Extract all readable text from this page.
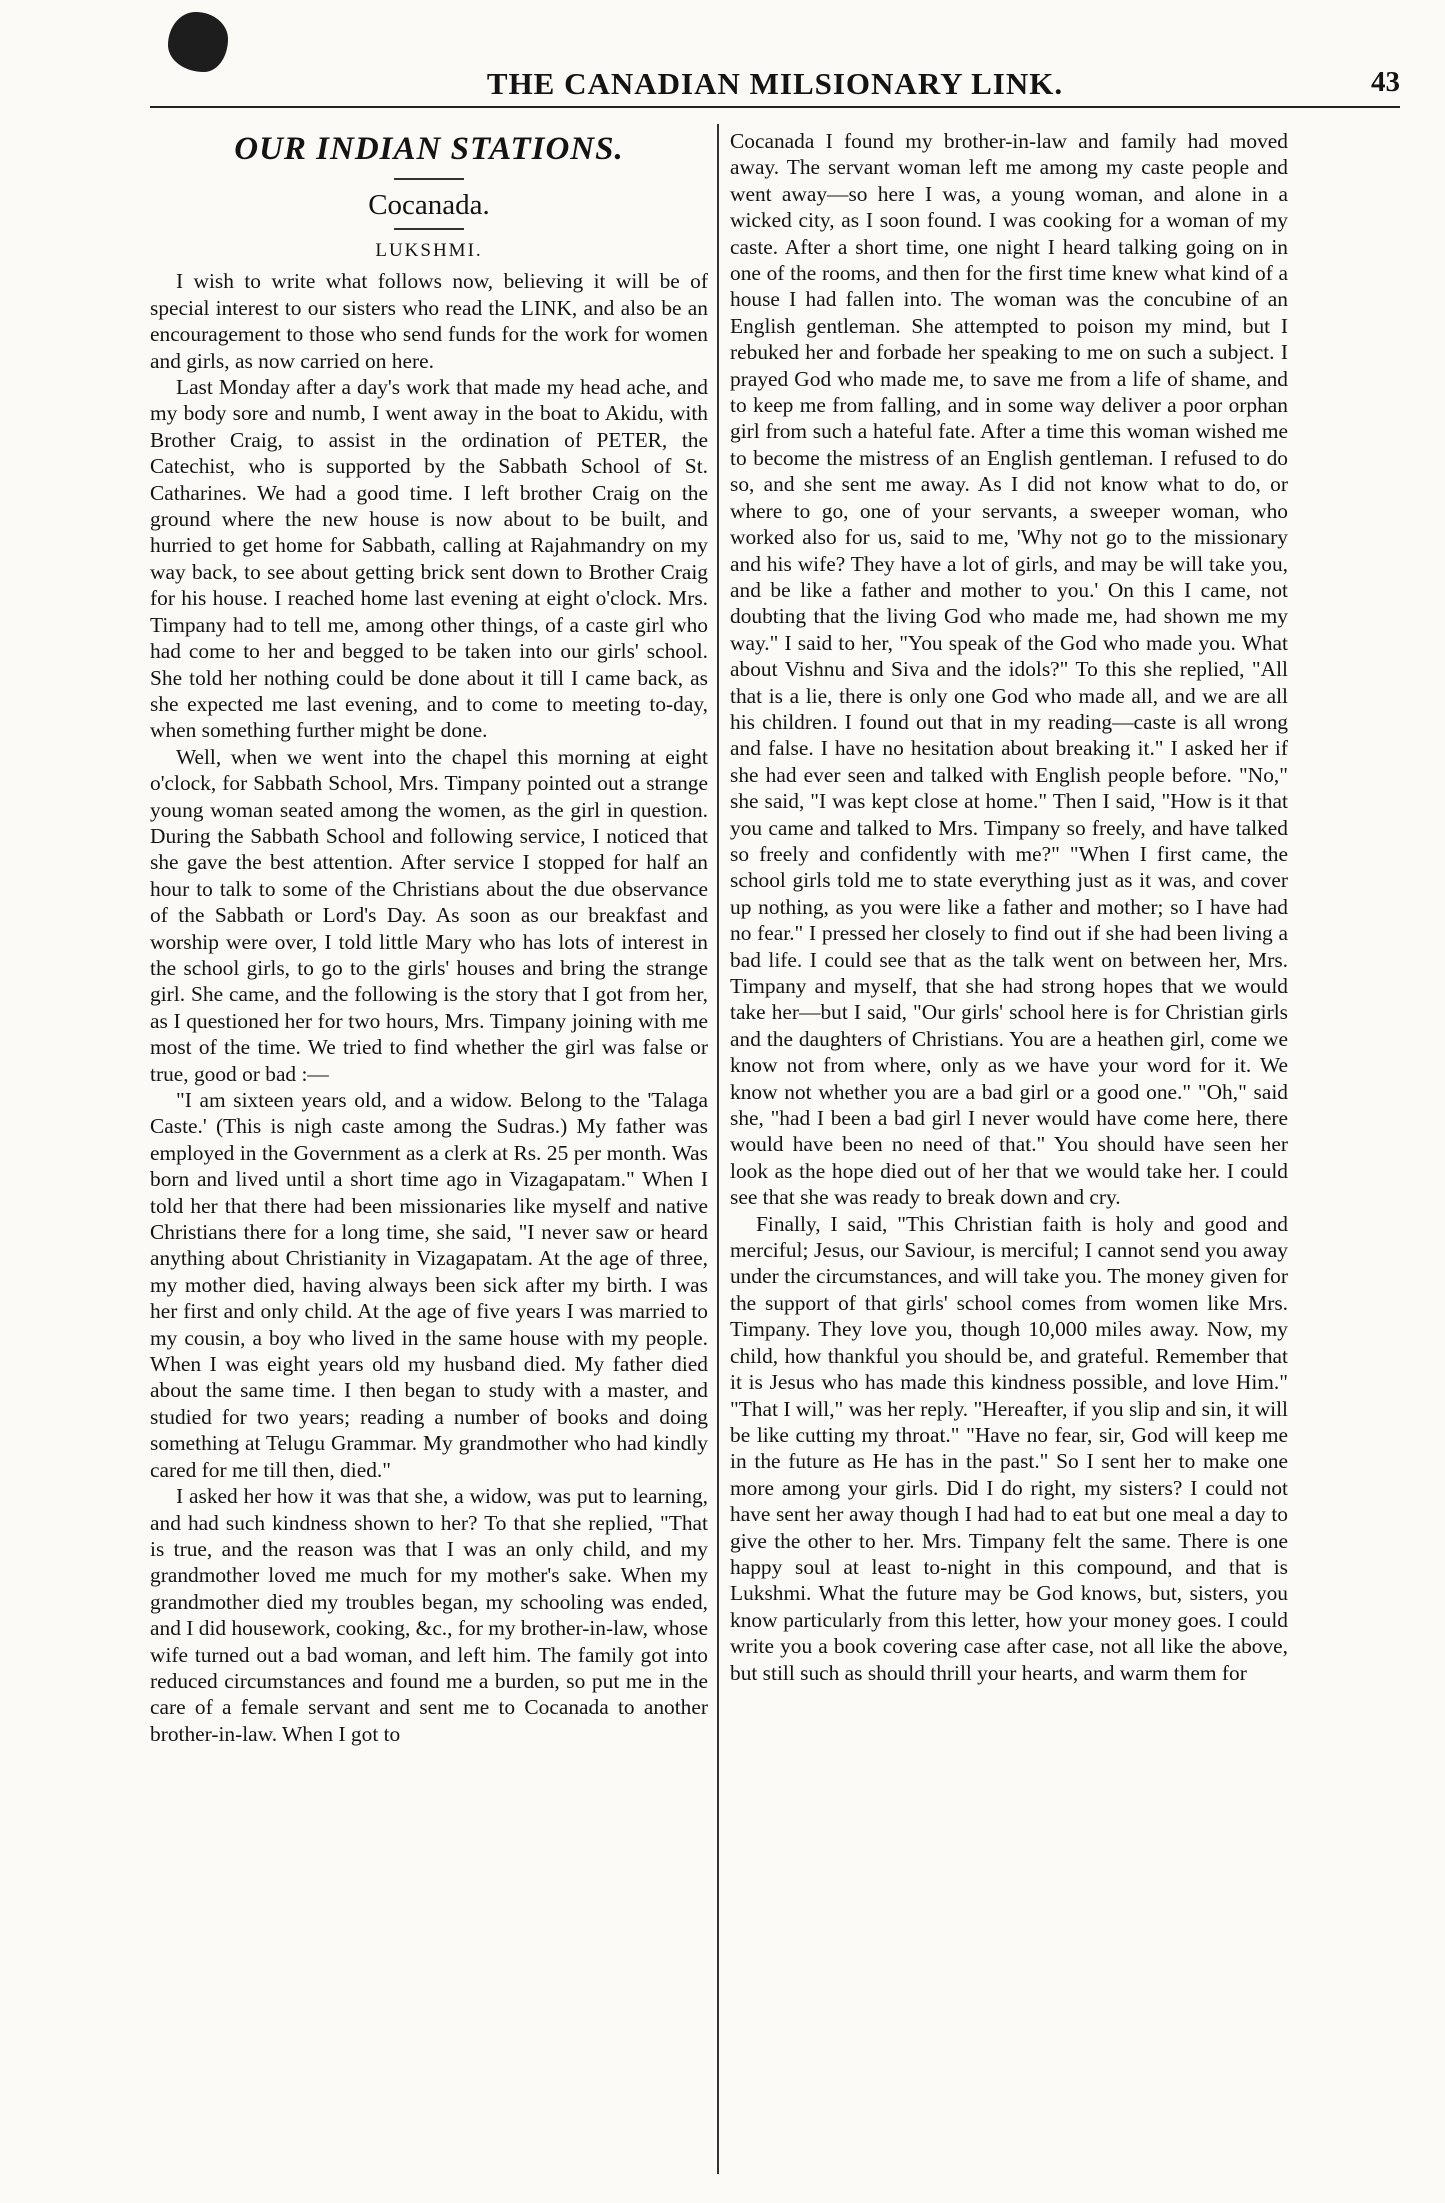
THE CANADIAN MILSIONARY LINK.	43
OUR INDIAN STATIONS.
Cocanada.
LUKSHMI.

I wish to write what follows now, believing it will be of special interest to our sisters who read the LINK, and also be an encouragement to those who send funds for the work for women and girls, as now carried on here.

Last Monday after a day's work that made my head ache, and my body sore and numb, I went away in the boat to Akidu, with Brother Craig, to assist in the ordination of PETER, the Catechist, who is supported by the Sabbath School of St. Catharines. We had a good time. I left brother Craig on the ground where the new house is now about to be built, and hurried to get home for Sabbath, calling at Rajahmandry on my way back, to see about getting brick sent down to Brother Craig for his house. I reached home last evening at eight o'clock. Mrs. Timpany had to tell me, among other things, of a caste girl who had come to her and begged to be taken into our girls' school. She told her nothing could be done about it till I came back, as she expected me last evening, and to come to meeting to-day, when something further might be done.

Well, when we went into the chapel this morning at eight o'clock, for Sabbath School, Mrs. Timpany pointed out a strange young woman seated among the women, as the girl in question. During the Sabbath School and following service, I noticed that she gave the best attention. After service I stopped for half an hour to talk to some of the Christians about the due observance of the Sabbath or Lord's Day. As soon as our breakfast and worship were over, I told little Mary who has lots of interest in the school girls, to go to the girls' houses and bring the strange girl. She came, and the following is the story that I got from her, as I questioned her for two hours, Mrs. Timpany joining with me most of the time. We tried to find whether the girl was false or true, good or bad :—

"I am sixteen years old, and a widow. Belong to the 'Talaga Caste.' (This is nigh caste among the Sudras.) My father was employed in the Government as a clerk at Rs. 25 per month. Was born and lived until a short time ago in Vizagapatam." When I told her that there had been missionaries like myself and native Christians there for a long time, she said, "I never saw or heard anything about Christianity in Vizagapatam. At the age of three, my mother died, having always been sick after my birth. I was her first and only child. At the age of five years I was married to my cousin, a boy who lived in the same house with my people. When I was eight years old my husband died. My father died about the same time. I then began to study with a master, and studied for two years; reading a number of books and doing something at Telugu Grammar. My grandmother who had kindly cared for me till then, died."

I asked her how it was that she, a widow, was put to learning, and had such kindness shown to her? To that she replied, "That is true, and the reason was that I was an only child, and my grandmother loved me much for my mother's sake. When my grandmother died my troubles began, my schooling was ended, and I did housework, cooking, &c., for my brother-in-law, whose wife turned out a bad woman, and left him. The family got into reduced circumstances and found me a burden, so put me in the care of a female servant and sent me to Cocanada to another brother-in-law. When I got to

Cocanada I found my brother-in-law and family had moved away. The servant woman left me among my caste people and went away—so here I was, a young woman, and alone in a wicked city, as I soon found. I was cooking for a woman of my caste. After a short time, one night I heard talking going on in one of the rooms, and then for the first time knew what kind of a house I had fallen into. The woman was the concubine of an English gentleman. She attempted to poison my mind, but I rebuked her and forbade her speaking to me on such a subject. I prayed God who made me, to save me from a life of shame, and to keep me from falling, and in some way deliver a poor orphan girl from such a hateful fate. After a time this woman wished me to become the mistress of an English gentleman. I refused to do so, and she sent me away. As I did not know what to do, or where to go, one of your servants, a sweeper woman, who worked also for us, said to me, 'Why not go to the missionary and his wife? They have a lot of girls, and may be will take you, and be like a father and mother to you.' On this I came, not doubting that the living God who made me, had shown me my way." I said to her, "You speak of the God who made you. What about Vishnu and Siva and the idols?" To this she replied, "All that is a lie, there is only one God who made all, and we are all his children. I found out that in my reading—caste is all wrong and false. I have no hesitation about breaking it." I asked her if she had ever seen and talked with English people before. "No," she said, "I was kept close at home." Then I said, "How is it that you came and talked to Mrs. Timpany so freely, and have talked so freely and confidently with me?" "When I first came, the school girls told me to state everything just as it was, and cover up nothing, as you were like a father and mother; so I have had no fear." I pressed her closely to find out if she had been living a bad life. I could see that as the talk went on between her, Mrs. Timpany and myself, that she had strong hopes that we would take her—but I said, "Our girls' school here is for Christian girls and the daughters of Christians. You are a heathen girl, come we know not from where, only as we have your word for it. We know not whether you are a bad girl or a good one." "Oh," said she, "had I been a bad girl I never would have come here, there would have been no need of that." You should have seen her look as the hope died out of her that we would take her. I could see that she was ready to break down and cry.

Finally, I said, "This Christian faith is holy and good and merciful; Jesus, our Saviour, is merciful; I cannot send you away under the circumstances, and will take you. The money given for the support of that girls' school comes from women like Mrs. Timpany. They love you, though 10,000 miles away. Now, my child, how thankful you should be, and grateful. Remember that it is Jesus who has made this kindness possible, and love Him." "That I will," was her reply. "Hereafter, if you slip and sin, it will be like cutting my throat." "Have no fear, sir, God will keep me in the future as He has in the past." So I sent her to make one more among your girls. Did I do right, my sisters? I could not have sent her away though I had had to eat but one meal a day to give the other to her. Mrs. Timpany felt the same. There is one happy soul at least to-night in this compound, and that is Lukshmi. What the future may be God knows, but, sisters, you know particularly from this letter, how your money goes. I could write you a book covering case after case, not all like the above, but still such as should thrill your hearts, and warm them for
